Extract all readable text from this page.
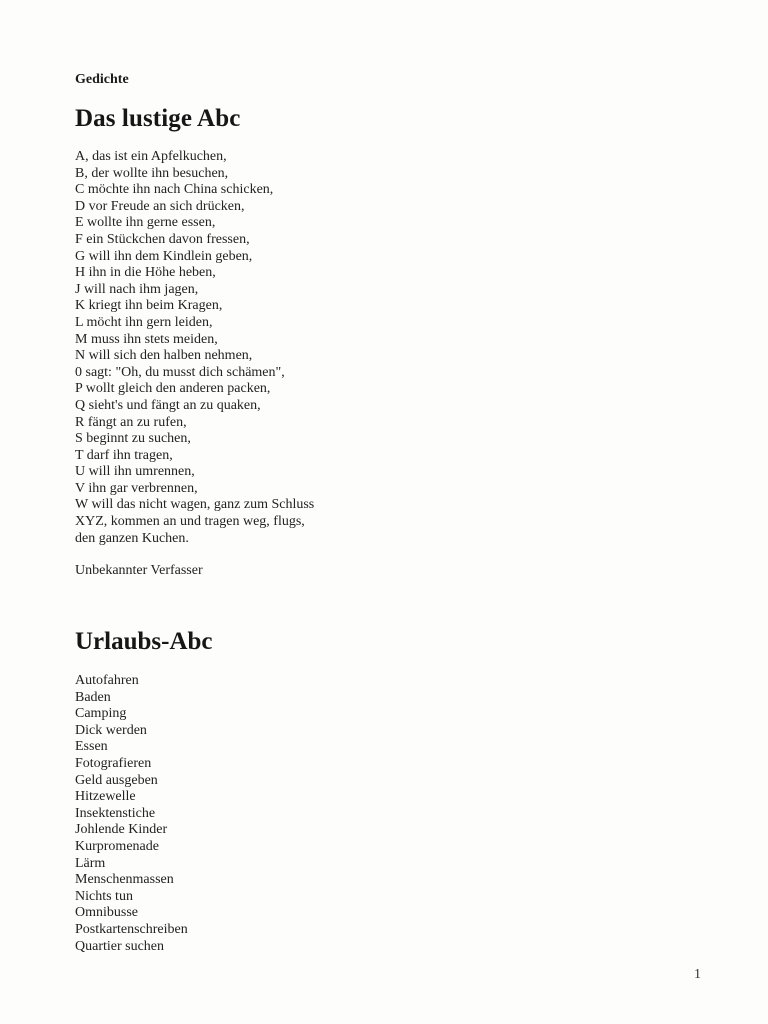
Gedichte
Das lustige Abc
A, das ist ein Apfelkuchen,
B, der wollte ihn besuchen,
C möchte ihn nach China schicken,
D vor Freude an sich drücken,
E wollte ihn gerne essen,
F ein Stückchen davon fressen,
G will ihn dem Kindlein geben,
H ihn in die Höhe heben,
J will nach ihm jagen,
K kriegt ihn beim Kragen,
L möcht ihn gern leiden,
M muss ihn stets meiden,
N will sich den halben nehmen,
0 sagt: "Oh, du musst dich schämen",
P wollt gleich den anderen packen,
Q sieht's und fängt an zu quaken,
R fängt an zu rufen,
S beginnt zu suchen,
T darf ihn tragen,
U will ihn umrennen,
V ihn gar verbrennen,
W will das nicht wagen, ganz zum Schluss
XYZ, kommen an und tragen weg, flugs,
den ganzen Kuchen.
Unbekannter Verfasser
Urlaubs-Abc
Autofahren
Baden
Camping
Dick werden
Essen
Fotografieren
Geld ausgeben
Hitzewelle
Insektenstiche
Johlende Kinder
Kurpromenade
Lärm
Menschenmassen
Nichts tun
Omnibusse
Postkartenschreiben
Quartier suchen
1
